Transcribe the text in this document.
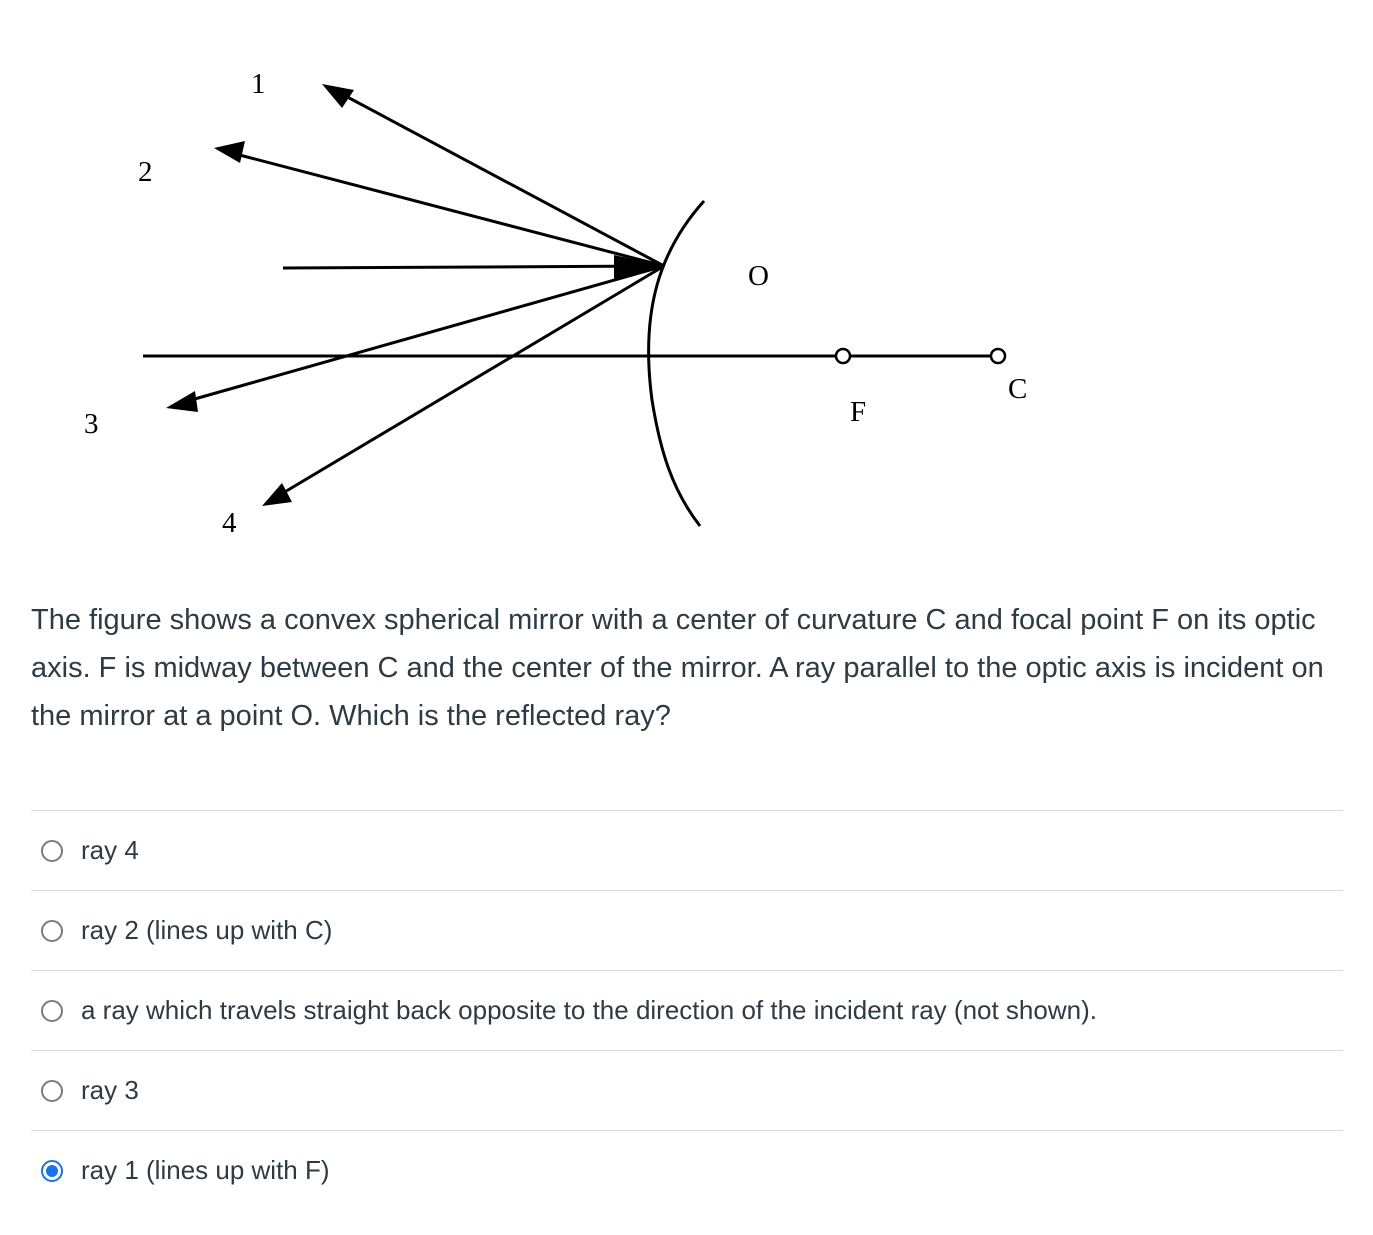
1
2
3
4
O
F
C

The figure shows a convex spherical mirror with a center of curvature C and focal point F on its optic axis. F is midway between C and the center of the mirror. A ray parallel to the optic axis is incident on the mirror at a point O. Which is the reflected ray?

ray 4
ray 2 (lines up with C)
a ray which travels straight back opposite to the direction of the incident ray (not shown).
ray 3
ray 1 (lines up with F)
